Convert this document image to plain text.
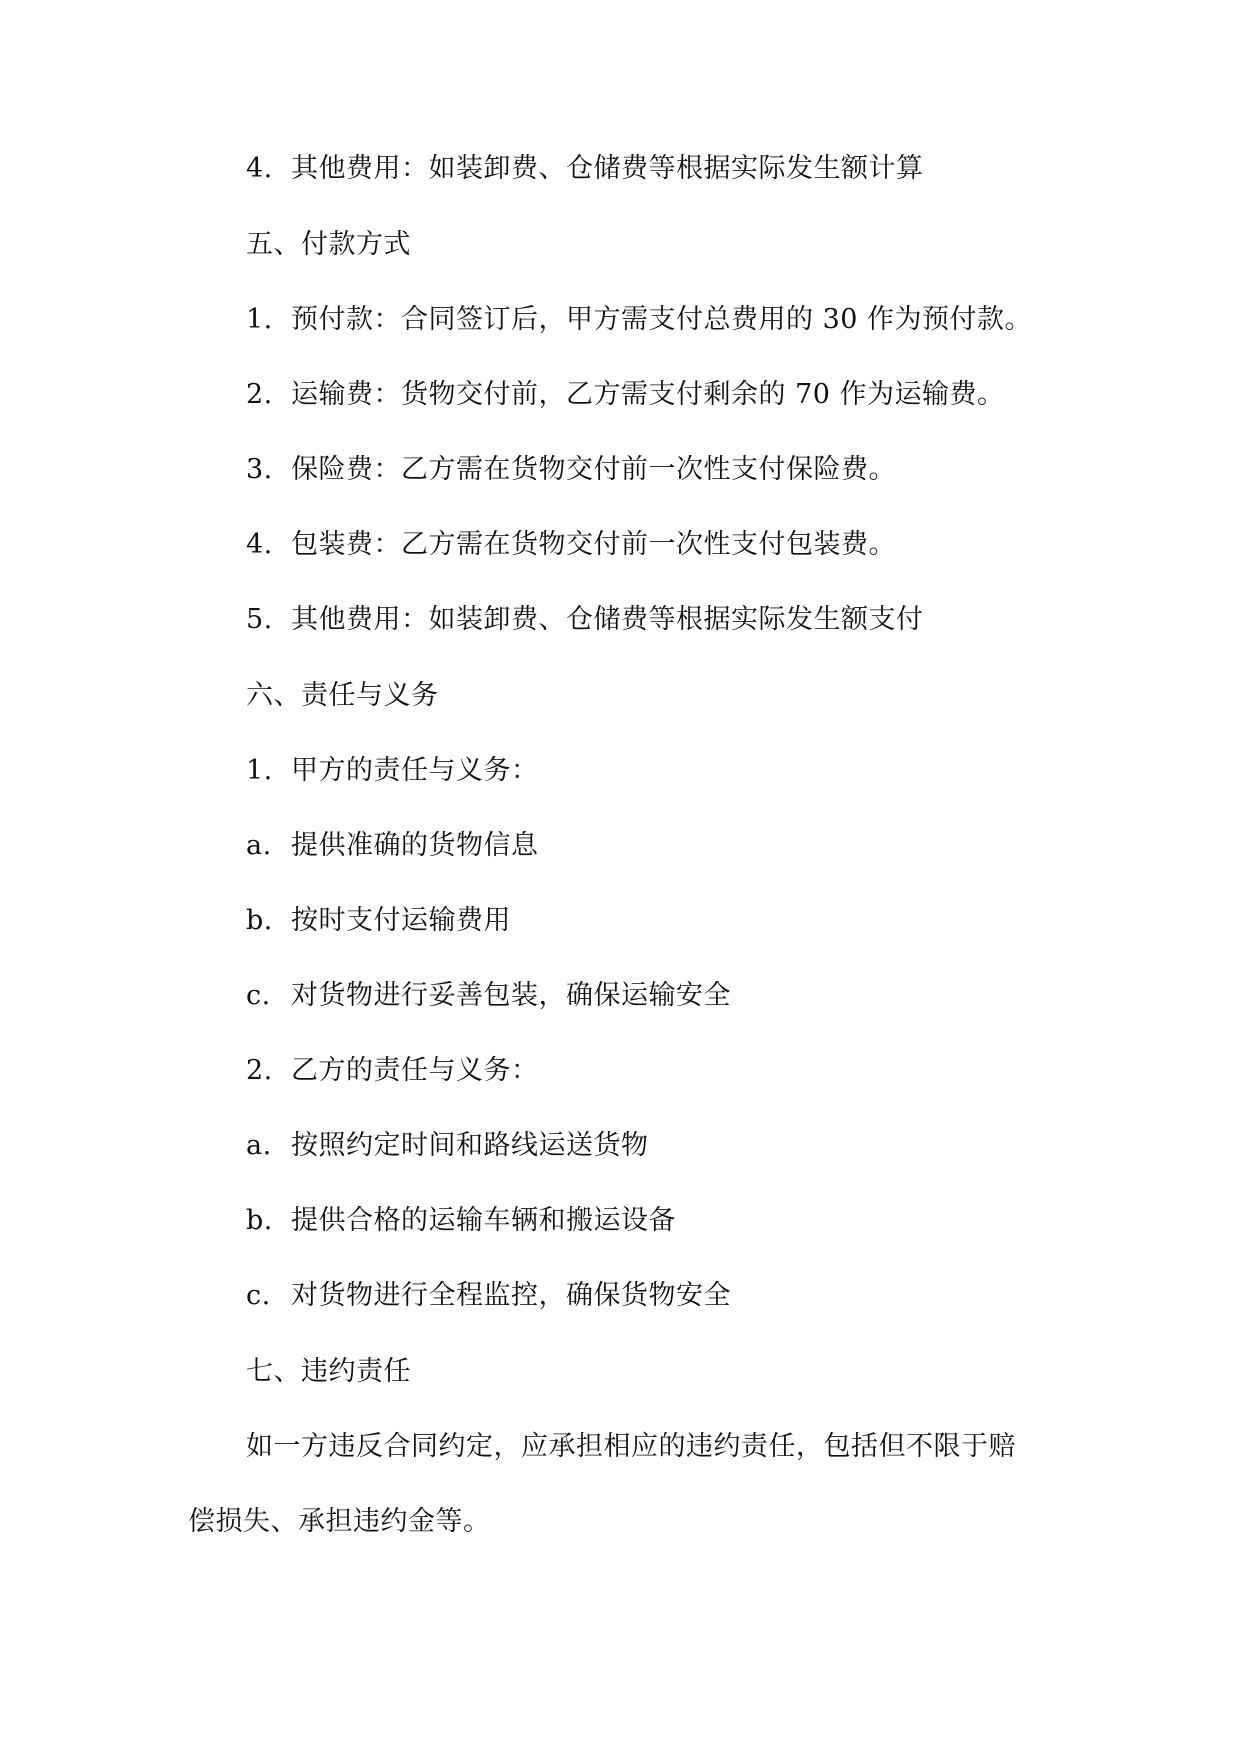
4. 其他费用：如装卸费、仓储费等根据实际发生额计算
五、付款方式
1. 预付款：合同签订后，甲方需支付总费用的 30 作为预付款。
2. 运输费：货物交付前，乙方需支付剩余的 70 作为运输费。
3. 保险费：乙方需在货物交付前一次性支付保险费。
4. 包装费：乙方需在货物交付前一次性支付包装费。
5. 其他费用：如装卸费、仓储费等根据实际发生额支付
六、责任与义务
1. 甲方的责任与义务：
a. 提供准确的货物信息
b. 按时支付运输费用
c. 对货物进行妥善包装，确保运输安全
2. 乙方的责任与义务：
a. 按照约定时间和路线运送货物
b. 提供合格的运输车辆和搬运设备
c. 对货物进行全程监控，确保货物安全
七、违约责任
如一方违反合同约定，应承担相应的违约责任，包括但不限于赔
偿损失、承担违约金等。
